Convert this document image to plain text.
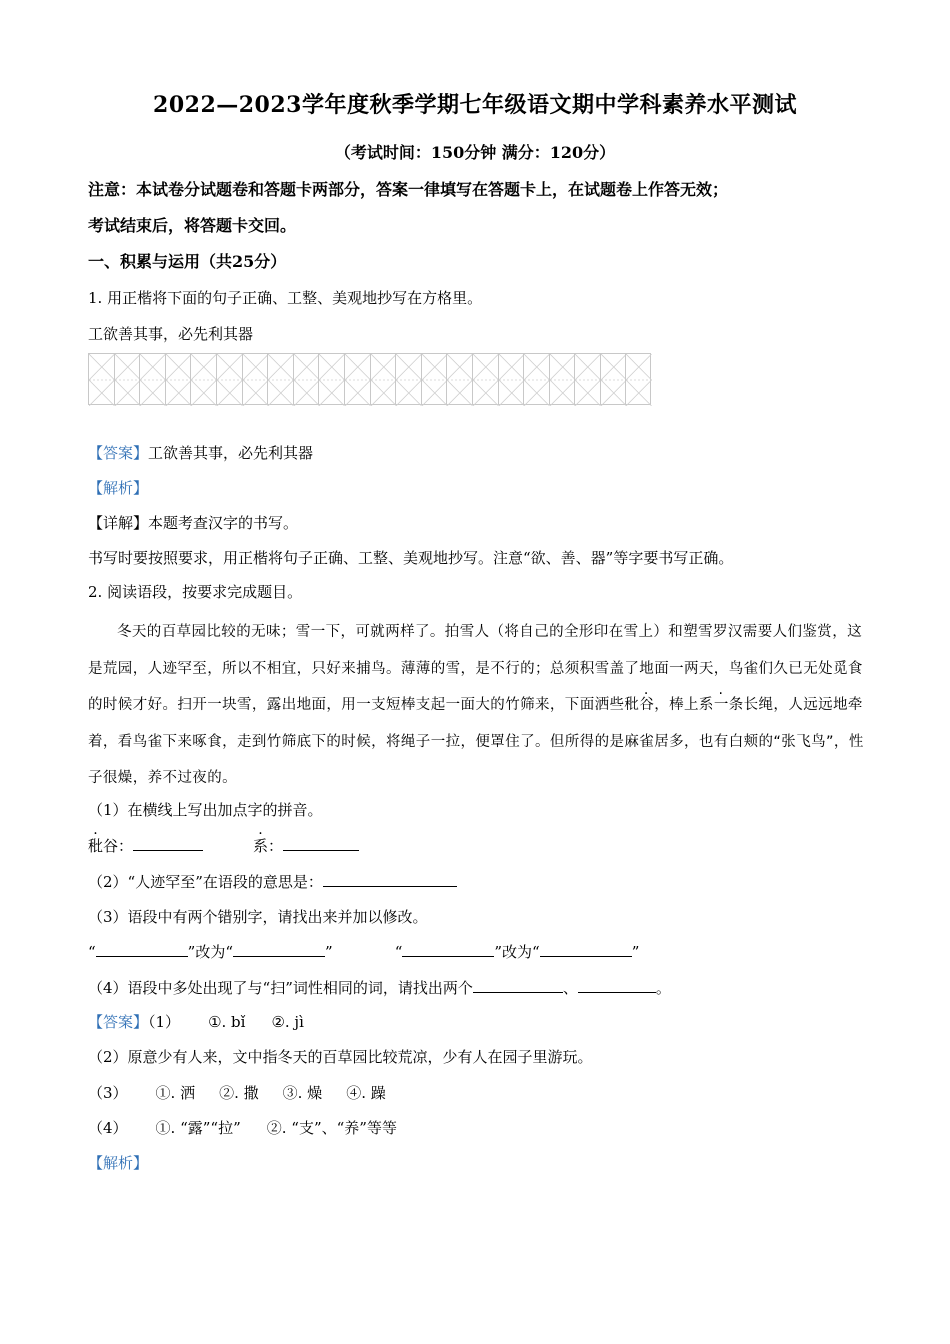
2022—2023学年度秋季学期七年级语文期中学科素养水平测试
（考试时间：150分钟 满分：120分）
注意：本试卷分试题卷和答题卡两部分，答案一律填写在答题卡上，在试题卷上作答无效；
考试结束后，将答题卡交回。
一、积累与运用（共25分）
1. 用正楷将下面的句子正确、工整、美观地抄写在方格里。
工欲善其事，必先利其器
【答案】工欲善其事，必先利其器
【解析】
【详解】本题考查汉字的书写。
书写时要按照要求，用正楷将句子正确、工整、美观地抄写。注意“欲、善、器”等字要书写正确。
2. 阅读语段，按要求完成题目。
冬天的百草园比较的无味；雪一下，可就两样了。拍雪人（将自己的全形印在雪上）和塑雪罗汉需要人们鉴赏，这是荒园，人迹罕至，所以不相宜，只好来捕鸟。薄薄的雪，是不行的；总须积雪盖了地面一两天，鸟雀们久已无处觅食的时候才好。扫开一块雪，露出地面，用一支短棒支起一面大的竹筛来，下面洒些秕谷，棒上系一条长绳，人远远地牵着，看鸟雀下来啄食，走到竹筛底下的时候，将绳子一拉，便罩住了。但所得的是麻雀居多，也有白颊的“张飞鸟”，性子很燥，养不过夜的。
（1）在横线上写出加点字的拼音。
秕谷：	系：
（2）“人迹罕至”在语段的意思是：
（3）语段中有两个错别字，请找出来并加以修改。
“	”改为“	”	“	”改为“	”
（4）语段中多处出现了与“扫”词性相同的词，请找出两个	、	。
【答案】（1） ①. bǐ ②. jì
（2）原意少有人来，文中指冬天的百草园比较荒凉，少有人在园子里游玩。
（3） ①. 洒 ②. 撒 ③. 燥 ④. 躁
（4） ①. “露”“拉” ②. “支”、“养”等等
【解析】
